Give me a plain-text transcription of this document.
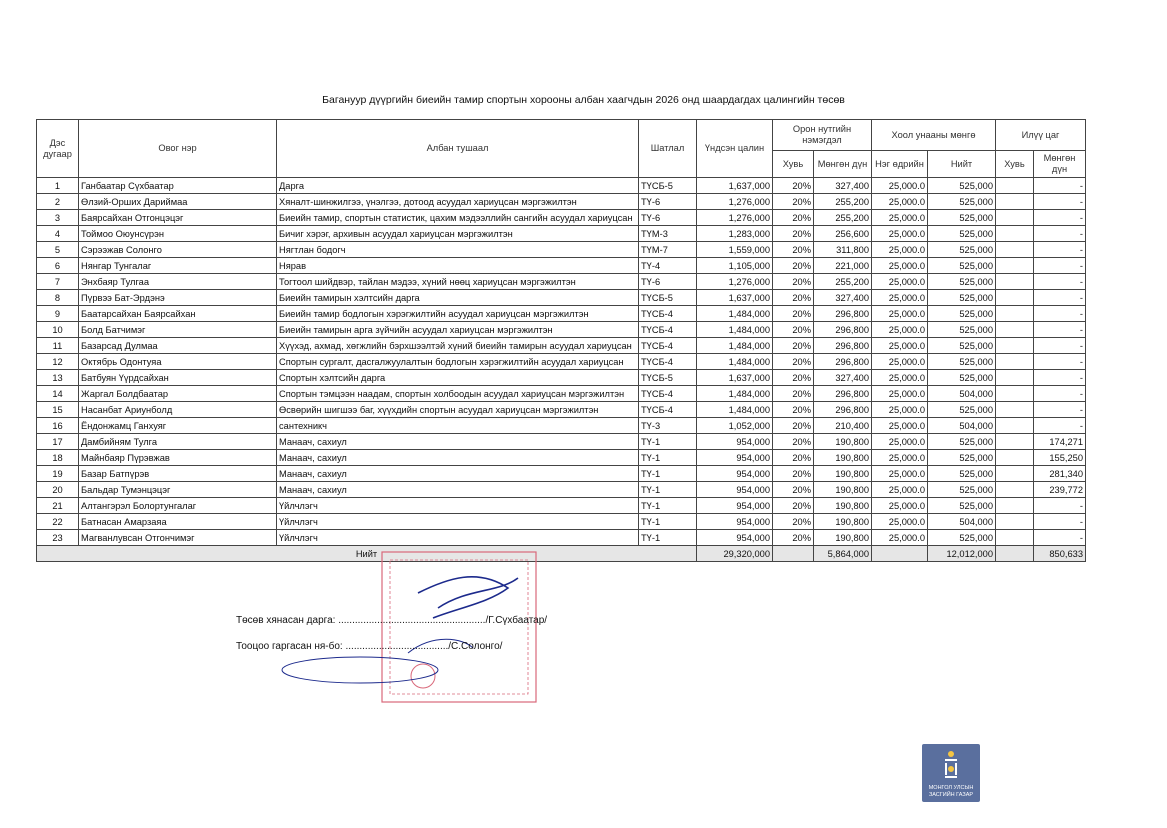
Багануур дүүргийн биеийн тамир спортын хорооны албан хаагчдын 2026 онд шаардагдах цалингийн төсөв
Дэс дугаар	Овог нэр	Албан тушаал	Шатлал	Үндсэн цалин	Орон нутгийн нэмэгдэл		Хоол унааны мөнгө		Илүү цаг	
					Хувь	Мөнгөн дүн	Нэг өдрийн	Нийт	Хувь	Мөнгөн дүн
1	Ганбаатар Сүхбаатар	Дарга	ТҮСБ-5	1,637,000	20%	327,400	25,000.0	525,000		-
2	Өлзий-Орших Дариймаа	Хяналт-шинжилгээ, үнэлгээ, дотоод асуудал хариуцсан мэргэжилтэн	ТҮ-6	1,276,000	20%	255,200	25,000.0	525,000		-
3	Баярсайхан Отгонцэцэг	Биеийн тамир, спортын статистик, цахим мэдээллийн сангийн асуудал хариуцсан	ТҮ-6	1,276,000	20%	255,200	25,000.0	525,000		-
4	Тоймоо Оюунсүрэн	Бичиг хэрэг, архивын асуудал хариуцсан мэргэжилтэн	ТҮМ-3	1,283,000	20%	256,600	25,000.0	525,000		-
5	Сэрээжав Солонго	Нягтлан бодогч	ТҮМ-7	1,559,000	20%	311,800	25,000.0	525,000		-
6	Нянгар Тунгалаг	Нярав	ТҮ-4	1,105,000	20%	221,000	25,000.0	525,000		-
7	Энхбаяр Тулгаа	Тогтоол шийдвэр, тайлан мэдээ, хүний нөөц хариуцсан мэргэжилтэн	ТҮ-6	1,276,000	20%	255,200	25,000.0	525,000		-
8	Пүрвээ Бат-Эрдэнэ	Биеийн тамирын хэлтсийн дарга	ТҮСБ-5	1,637,000	20%	327,400	25,000.0	525,000		-
9	Баатарсайхан Баярсайхан	Биеийн тамир бодлогын хэрэгжилтийн асуудал хариуцсан мэргэжилтэн	ТҮСБ-4	1,484,000	20%	296,800	25,000.0	525,000		-
10	Болд Батчимэг	Биеийн тамирын арга зүйчийн асуудал хариуцсан мэргэжилтэн	ТҮСБ-4	1,484,000	20%	296,800	25,000.0	525,000		-
11	Базарсад Дулмаа	Хүүхэд, ахмад, хөгжлийн бэрхшээлтэй хүний биеийн тамирын асуудал хариуцсан	ТҮСБ-4	1,484,000	20%	296,800	25,000.0	525,000		-
12	Октябрь Одонтуяа	Спортын сургалт, дасгалжуулалтын бодлогын хэрэгжилтийн асуудал хариуцсан	ТҮСБ-4	1,484,000	20%	296,800	25,000.0	525,000		-
13	Батбуян Үүрдсайхан	Спортын хэлтсийн дарга	ТҮСБ-5	1,637,000	20%	327,400	25,000.0	525,000		-
14	Жаргал Болдбаатар	Спортын тэмцээн наадам, спортын холбоодын асуудал хариуцсан мэргэжилтэн	ТҮСБ-4	1,484,000	20%	296,800	25,000.0	504,000		-
15	Насанбат Ариунболд	Өсвөрийн шигшээ баг, хүүхдийн спортын асуудал хариуцсан мэргэжилтэн	ТҮСБ-4	1,484,000	20%	296,800	25,000.0	525,000		-
16	Ёндонжамц Ганхуяг	сантехникч	ТҮ-3	1,052,000	20%	210,400	25,000.0	504,000		-
17	Дамбийням Тулга	Манаач, сахиул	ТҮ-1	954,000	20%	190,800	25,000.0	525,000		174,271
18	Майнбаяр Пүрэвжав	Манаач, сахиул	ТҮ-1	954,000	20%	190,800	25,000.0	525,000		155,250
19	Базар Батпүрэв	Манаач, сахиул	ТҮ-1	954,000	20%	190,800	25,000.0	525,000		281,340
20	Бальдар Тумэнцэцэг	Манаач, сахиул	ТҮ-1	954,000	20%	190,800	25,000.0	525,000		239,772
21	Алтангэрэл Болортунгалаг	Үйлчлэгч	ТҮ-1	954,000	20%	190,800	25,000.0	525,000		-
22	Батнасан Амарзаяа	Үйлчлэгч	ТҮ-1	954,000	20%	190,800	25,000.0	504,000		-
23	Магванлувсан Отгончимэг	Үйлчлэгч	ТҮ-1	954,000	20%	190,800	25,000.0	525,000		-
Нийт				29,320,000		5,864,000		12,012,000		850,633
Төсөв хянасан дарга: ...................................................../Г.Сүхбаатар/
Тооцоо гаргасан ня-бо: ...................................../С.Солонго/
МОНГОЛ УЛСЫН
ЗАСГИЙН ГАЗАР
